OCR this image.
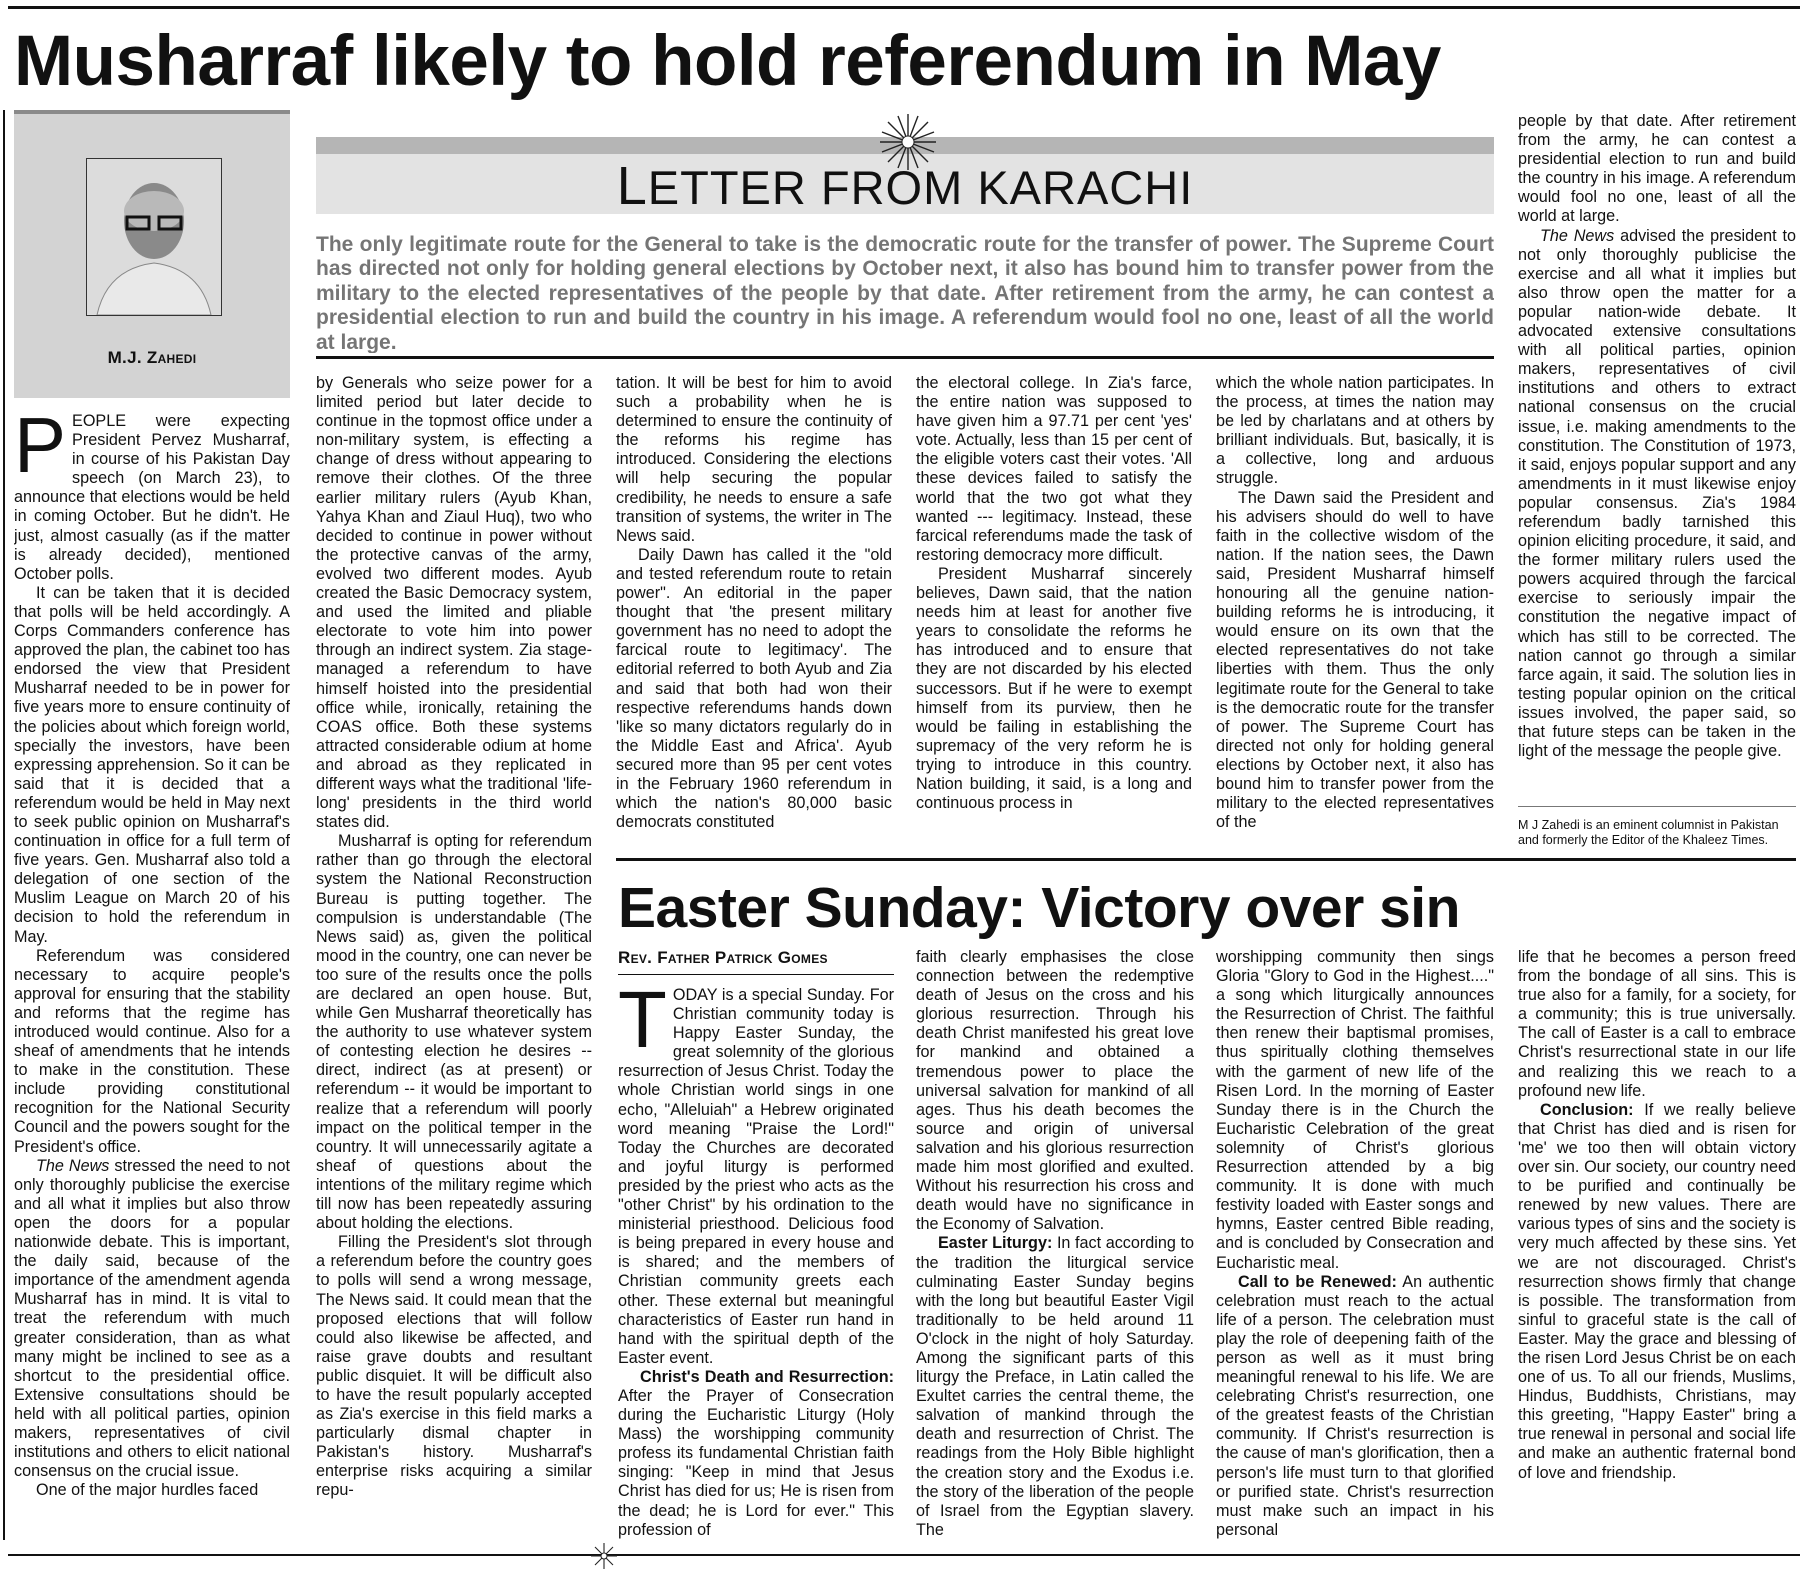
Musharraf likely to hold referendum in May
M.J. Zahedi
LETTER FROM KARACHI
The only legitimate route for the General to take is the democratic route for the transfer of power. The Supreme Court has directed not only for holding general elections by October next, it also has bound him to transfer power from the military to the elected representatives of the people by that date. After retirement from the army, he can contest a presidential election to run and build the country in his image. A referendum would fool no one, least of all the world at large.

PEOPLE were expecting President Pervez Musharraf, in course of his Pakistan Day speech (on March 23), to announce that elections would be held in coming October. But he didn't. He just, almost casually (as if the matter is already decided), mentioned October polls.

It can be taken that it is decided that polls will be held accordingly. A Corps Commanders conference has approved the plan, the cabinet too has endorsed the view that President Musharraf needed to be in power for five years more to ensure continuity of the policies about which foreign world, specially the investors, have been expressing apprehension. So it can be said that it is decided that a referendum would be held in May next to seek public opinion on Musharraf's continuation in office for a full term of five years. Gen. Musharraf also told a delegation of one section of the Muslim League on March 20 of his decision to hold the referendum in May.

Referendum was considered necessary to acquire people's approval for ensuring that the stability and reforms that the regime has introduced would continue. Also for a sheaf of amendments that he intends to make in the constitution. These include providing constitutional recognition for the National Security Council and the powers sought for the President's office.

The News stressed the need to not only thoroughly publicise the exercise and all what it implies but also throw open the doors for a popular nationwide debate. This is important, the daily said, because of the importance of the amendment agenda Musharraf has in mind. It is vital to treat the referendum with much greater consideration, than as what many might be inclined to see as a shortcut to the presidential office. Extensive consultations should be held with all political parties, opinion makers, representatives of civil institutions and others to elicit national consensus on the crucial issue.

One of the major hurdles faced

by Generals who seize power for a limited period but later decide to continue in the topmost office under a non-military system, is effecting a change of dress without appearing to remove their clothes. Of the three earlier military rulers (Ayub Khan, Yahya Khan and Ziaul Huq), two who decided to continue in power without the protective canvas of the army, evolved two different modes. Ayub created the Basic Democracy system, and used the limited and pliable electorate to vote him into power through an indirect system. Zia stage-managed a referendum to have himself hoisted into the presidential office while, ironically, retaining the COAS office. Both these systems attracted considerable odium at home and abroad as they replicated in different ways what the traditional 'life-long' presidents in the third world states did.

Musharraf is opting for referendum rather than go through the electoral system the National Reconstruction Bureau is putting together. The compulsion is understandable (The News said) as, given the political mood in the country, one can never be too sure of the results once the polls are declared an open house. But, while Gen Musharraf theoretically has the authority to use whatever system of contesting election he desires -- direct, indirect (as at present) or referendum -- it would be important to realize that a referendum will poorly impact on the political temper in the country. It will unnecessarily agitate a sheaf of questions about the intentions of the military regime which till now has been repeatedly assuring about holding the elections.

Filling the President's slot through a referendum before the country goes to polls will send a wrong message, The News said. It could mean that the proposed elections that will follow could also likewise be affected, and raise grave doubts and resultant public disquiet. It will be difficult also to have the result popularly accepted as Zia's exercise in this field marks a particularly dismal chapter in Pakistan's history. Musharraf's enterprise risks acquiring a similar repu-

tation. It will be best for him to avoid such a probability when he is determined to ensure the continuity of the reforms his regime has introduced. Considering the elections will help securing the popular credibility, he needs to ensure a safe transition of systems, the writer in The News said.

Daily Dawn has called it the "old and tested referendum route to retain power". An editorial in the paper thought that 'the present military government has no need to adopt the farcical route to legitimacy'. The editorial referred to both Ayub and Zia and said that both had won their respective referendums hands down 'like so many dictators regularly do in the Middle East and Africa'. Ayub secured more than 95 per cent votes in the February 1960 referendum in which the nation's 80,000 basic democrats constituted

the electoral college. In Zia's farce, the entire nation was supposed to have given him a 97.71 per cent 'yes' vote. Actually, less than 15 per cent of the eligible voters cast their votes. 'All these devices failed to satisfy the world that the two got what they wanted --- legitimacy. Instead, these farcical referendums made the task of restoring democracy more difficult.

President Musharraf sincerely believes, Dawn said, that the nation needs him at least for another five years to consolidate the reforms he has introduced and to ensure that they are not discarded by his elected successors. But if he were to exempt himself from its purview, then he would be failing in establishing the supremacy of the very reform he is trying to introduce in this country. Nation building, it said, is a long and continuous process in

which the whole nation participates. In the process, at times the nation may be led by charlatans and at others by brilliant individuals. But, basically, it is a collective, long and arduous struggle.

The Dawn said the President and his advisers should do well to have faith in the collective wisdom of the nation. If the nation sees, the Dawn said, President Musharraf himself honouring all the genuine nation-building reforms he is introducing, it would ensure on its own that the elected representatives do not take liberties with them. Thus the only legitimate route for the General to take is the democratic route for the transfer of power. The Supreme Court has directed not only for holding general elections by October next, it also has bound him to transfer power from the military to the elected representatives of the

people by that date. After retirement from the army, he can contest a presidential election to run and build the country in his image. A referendum would fool no one, least of all the world at large.

The News advised the president to not only thoroughly publicise the exercise and all what it implies but also throw open the matter for a popular nation-wide debate. It advocated extensive consultations with all political parties, opinion makers, representatives of civil institutions and others to extract national consensus on the crucial issue, i.e. making amendments to the constitution. The Constitution of 1973, it said, enjoys popular support and any amendments in it must likewise enjoy popular consensus. Zia's 1984 referendum badly tarnished this opinion eliciting procedure, it said, and the former military rulers used the powers acquired through the farcical exercise to seriously impair the constitution the negative impact of which has still to be corrected. The nation cannot go through a similar farce again, it said. The solution lies in testing popular opinion on the critical issues involved, the paper said, so that future steps can be taken in the light of the message the people give.

M J Zahedi is an eminent columnist in Pakistan and formerly the Editor of the Khaleez Times.
Easter Sunday: Victory over sin
Rev. Father Patrick Gomes

TODAY is a special Sunday. For Christian community today is Happy Easter Sunday, the great solemnity of the glorious resurrection of Jesus Christ. Today the whole Christian world sings in one echo, "Alleluiah" a Hebrew originated word meaning "Praise the Lord!" Today the Churches are decorated and joyful liturgy is performed presided by the priest who acts as the "other Christ" by his ordination to the ministerial priesthood. Delicious food is being prepared in every house and is shared; and the members of Christian community greets each other. These external but meaningful characteristics of Easter run hand in hand with the spiritual depth of the Easter event.

Christ's Death and Resurrection: After the Prayer of Consecration during the Eucharistic Liturgy (Holy Mass) the worshipping community profess its fundamental Christian faith singing: "Keep in mind that Jesus Christ has died for us; He is risen from the dead; he is Lord for ever." This profession of

faith clearly emphasises the close connection between the redemptive death of Jesus on the cross and his glorious resurrection. Through his death Christ manifested his great love for mankind and obtained a tremendous power to place the universal salvation for mankind of all ages. Thus his death becomes the source and origin of universal salvation and his glorious resurrection made him most glorified and exulted. Without his resurrection his cross and death would have no significance in the Economy of Salvation.

Easter Liturgy: In fact according to the tradition the liturgical service culminating Easter Sunday begins with the long but beautiful Easter Vigil traditionally to be held around 11 O'clock in the night of holy Saturday. Among the significant parts of this liturgy the Preface, in Latin called the Exultet carries the central theme, the salvation of mankind through the death and resurrection of Christ. The readings from the Holy Bible highlight the creation story and the Exodus i.e. the story of the liberation of the people of Israel from the Egyptian slavery. The

worshipping community then sings Gloria "Glory to God in the Highest...." a song which liturgically announces the Resurrection of Christ. The faithful then renew their baptismal promises, thus spiritually clothing themselves with the garment of new life of the Risen Lord. In the morning of Easter Sunday there is in the Church the Eucharistic Celebration of the great solemnity of Christ's glorious Resurrection attended by a big community. It is done with much festivity loaded with Easter songs and hymns, Easter centred Bible reading, and is concluded by Consecration and Eucharistic meal.

Call to be Renewed: An authentic celebration must reach to the actual life of a person. The celebration must play the role of deepening faith of the person as well as it must bring meaningful renewal to his life. We are celebrating Christ's resurrection, one of the greatest feasts of the Christian community. If Christ's resurrection is the cause of man's glorification, then a person's life must turn to that glorified or purified state. Christ's resurrection must make such an impact in his personal

life that he becomes a person freed from the bondage of all sins. This is true also for a family, for a society, for a community; this is true universally. The call of Easter is a call to embrace Christ's resurrectional state in our life and realizing this we reach to a profound new life.

Conclusion: If we really believe that Christ has died and is risen for 'me' we too then will obtain victory over sin. Our society, our country need to be purified and continually be renewed by new values. There are various types of sins and the society is very much affected by these sins. Yet we are not discouraged. Christ's resurrection shows firmly that change is possible. The transformation from sinful to graceful state is the call of Easter. May the grace and blessing of the risen Lord Jesus Christ be on each one of us. To all our friends, Muslims, Hindus, Buddhists, Christians, may this greeting, "Happy Easter" bring a true renewal in personal and social life and make an authentic fraternal bond of love and friendship.
